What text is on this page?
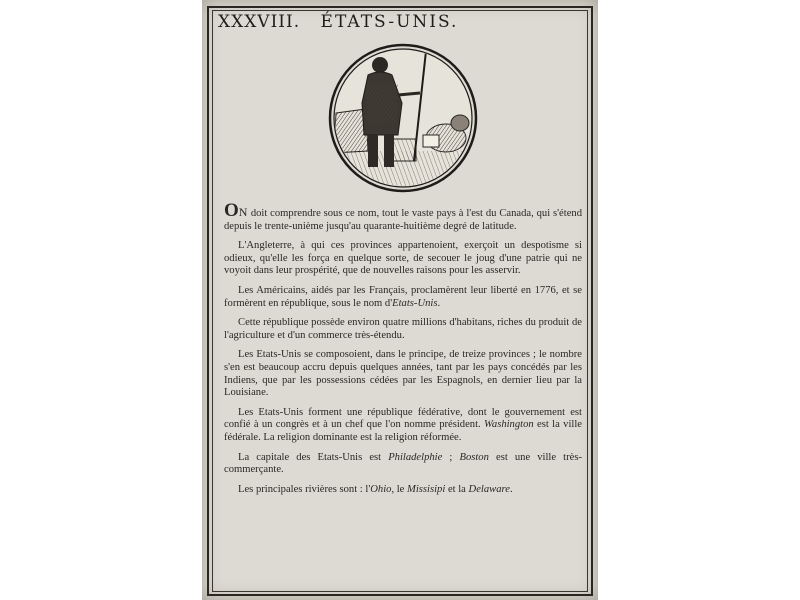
XXXVIII. ÉTATS-UNIS.

ON doit comprendre sous ce nom, tout le vaste pays à l'est du Canada, qui s'étend depuis le trente-unième jusqu'au quarante-huitième degré de latitude.

L'Angleterre, à qui ces provinces appartenoient, exerçoit un despotisme si odieux, qu'elle les força en quelque sorte, de secouer le joug d'une patrie qui ne voyoit dans leur prospérité, que de nouvelles raisons pour les asservir.

Les Américains, aidés par les Français, proclamèrent leur liberté en 1776, et se formèrent en république, sous le nom d'Etats-Unis.

Cette république possède environ quatre millions d'habitans, riches du produit de l'agriculture et d'un commerce très-étendu.

Les Etats-Unis se composoient, dans le principe, de treize provinces ; le nombre s'en est beaucoup accru depuis quelques années, tant par les pays concédés par les Indiens, que par les possessions cédées par les Espagnols, en dernier lieu par la Louisiane.

Les Etats-Unis forment une république fédérative, dont le gouvernement est confié à un congrès et à un chef que l'on nomme président. Washington est la ville fédérale. La religion dominante est la religion réformée.

La capitale des Etats-Unis est Philadelphie ; Boston est une ville très-commerçante.

Les principales rivières sont : l'Ohio, le Missisipi et la Delaware.
